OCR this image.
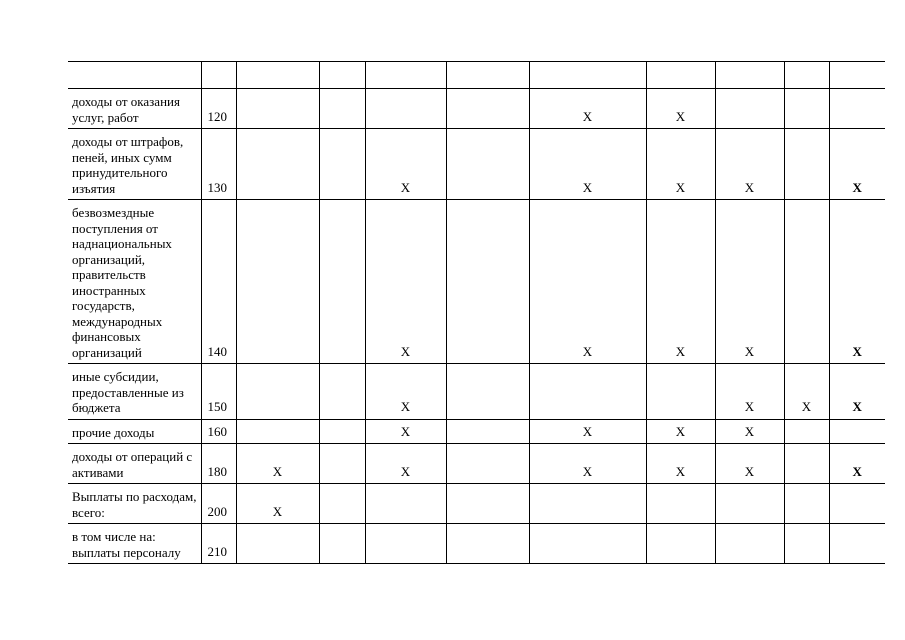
доходы от оказания услуг, работ	120					X	X			
доходы от штрафов, пеней, иных сумм принудительного изъятия	130			X		X	X	X		X
безвозмездные поступления от наднациональных организаций, правительств иностранных государств, международных финансовых организаций	140			X		X	X	X		X
иные субсидии, предоставленные из бюджета	150			X				X	X	X
прочие доходы	160			X		X	X	X		
доходы от операций с активами	180	X		X		X	X	X		X
Выплаты по расходам, всего:	200	X								
в том числе на: выплаты персоналу	210									
